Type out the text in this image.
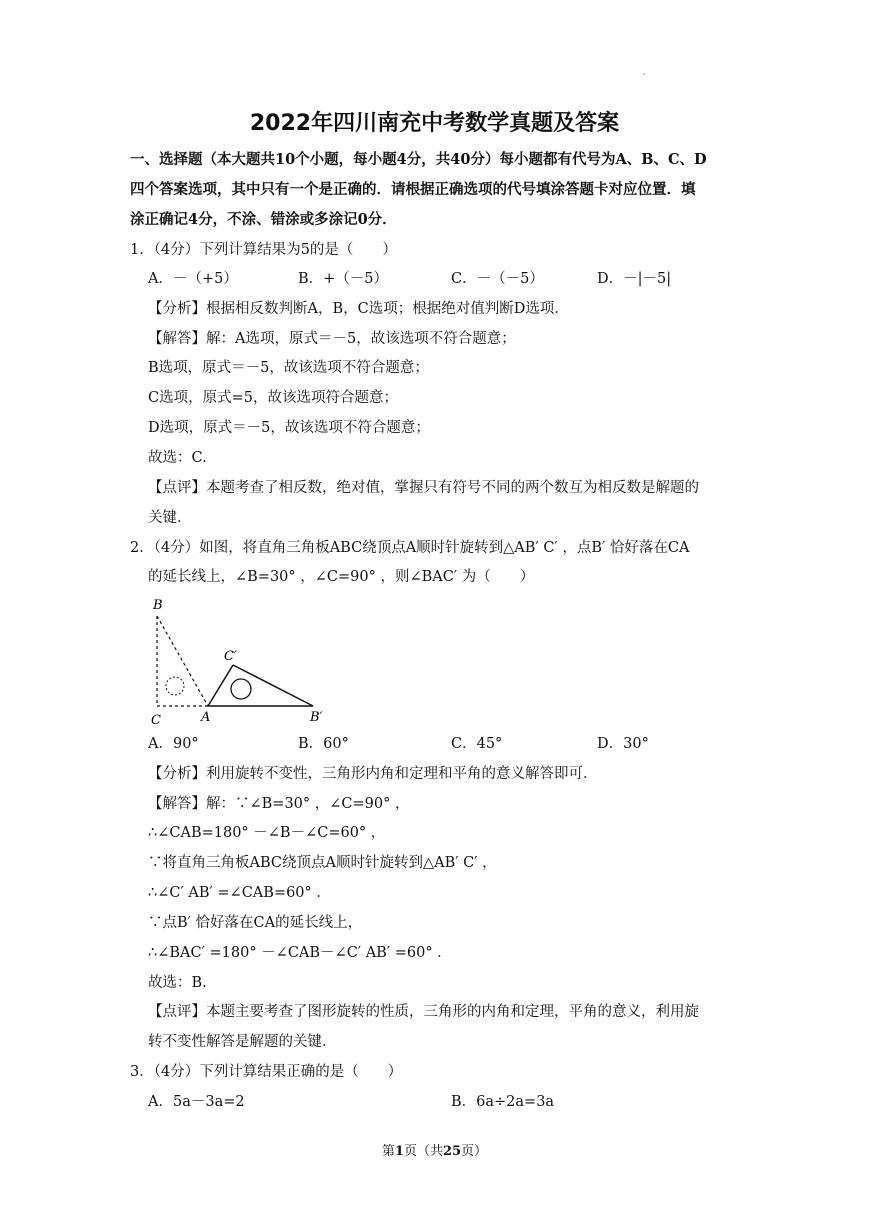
'
2022年四川南充中考数学真题及答案
一、选择题（本大题共10个小题，每小题4分，共40分）每小题都有代号为A、B、C、D
四个答案选项，其中只有一个是正确的．请根据正确选项的代号填涂答题卡对应位置．填
涂正确记4分，不涂、错涂或多涂记0分．
1．（4分）下列计算结果为5的是（　　）
A．－（+5）	B．+（－5）	C．－（－5）	D．－|－5|
【分析】根据相反数判断A，B，C选项；根据绝对值判断D选项．
【解答】解：A选项，原式＝－5，故该选项不符合题意；
B选项，原式＝－5，故该选项不符合题意；
C选项，原式=5，故该选项符合题意；
D选项，原式＝－5，故该选项不符合题意；
故选：C.
【点评】本题考查了相反数，绝对值，掌握只有符号不同的两个数互为相反数是解题的
关键．
2．（4分）如图，将直角三角板ABC绕顶点A顺时针旋转到△AB′ C′ ，点B′ 恰好落在CA
的延长线上，∠B=30° ，∠C=90° ，则∠BAC′ 为（　　）
B
C	A
C′
B′
A．90°	B．60°	C．45°	D．30°
【分析】利用旋转不变性，三角形内角和定理和平角的意义解答即可．
【解答】解：∵∠B=30° ，∠C=90° ，
∴∠CAB=180° －∠B－∠C=60° ，
∵将直角三角板ABC绕顶点A顺时针旋转到△AB′ C′ ，
∴∠C′ AB′ =∠CAB=60° ．
∵点B′ 恰好落在CA的延长线上，
∴∠BAC′ =180° －∠CAB－∠C′ AB′ =60° ．
故选：B.
【点评】本题主要考查了图形旋转的性质，三角形的内角和定理，平角的意义，利用旋
转不变性解答是解题的关键．
3．（4分）下列计算结果正确的是（　　）
A．5a－3a=2	B．6a÷2a=3a
第1页（共25页）
